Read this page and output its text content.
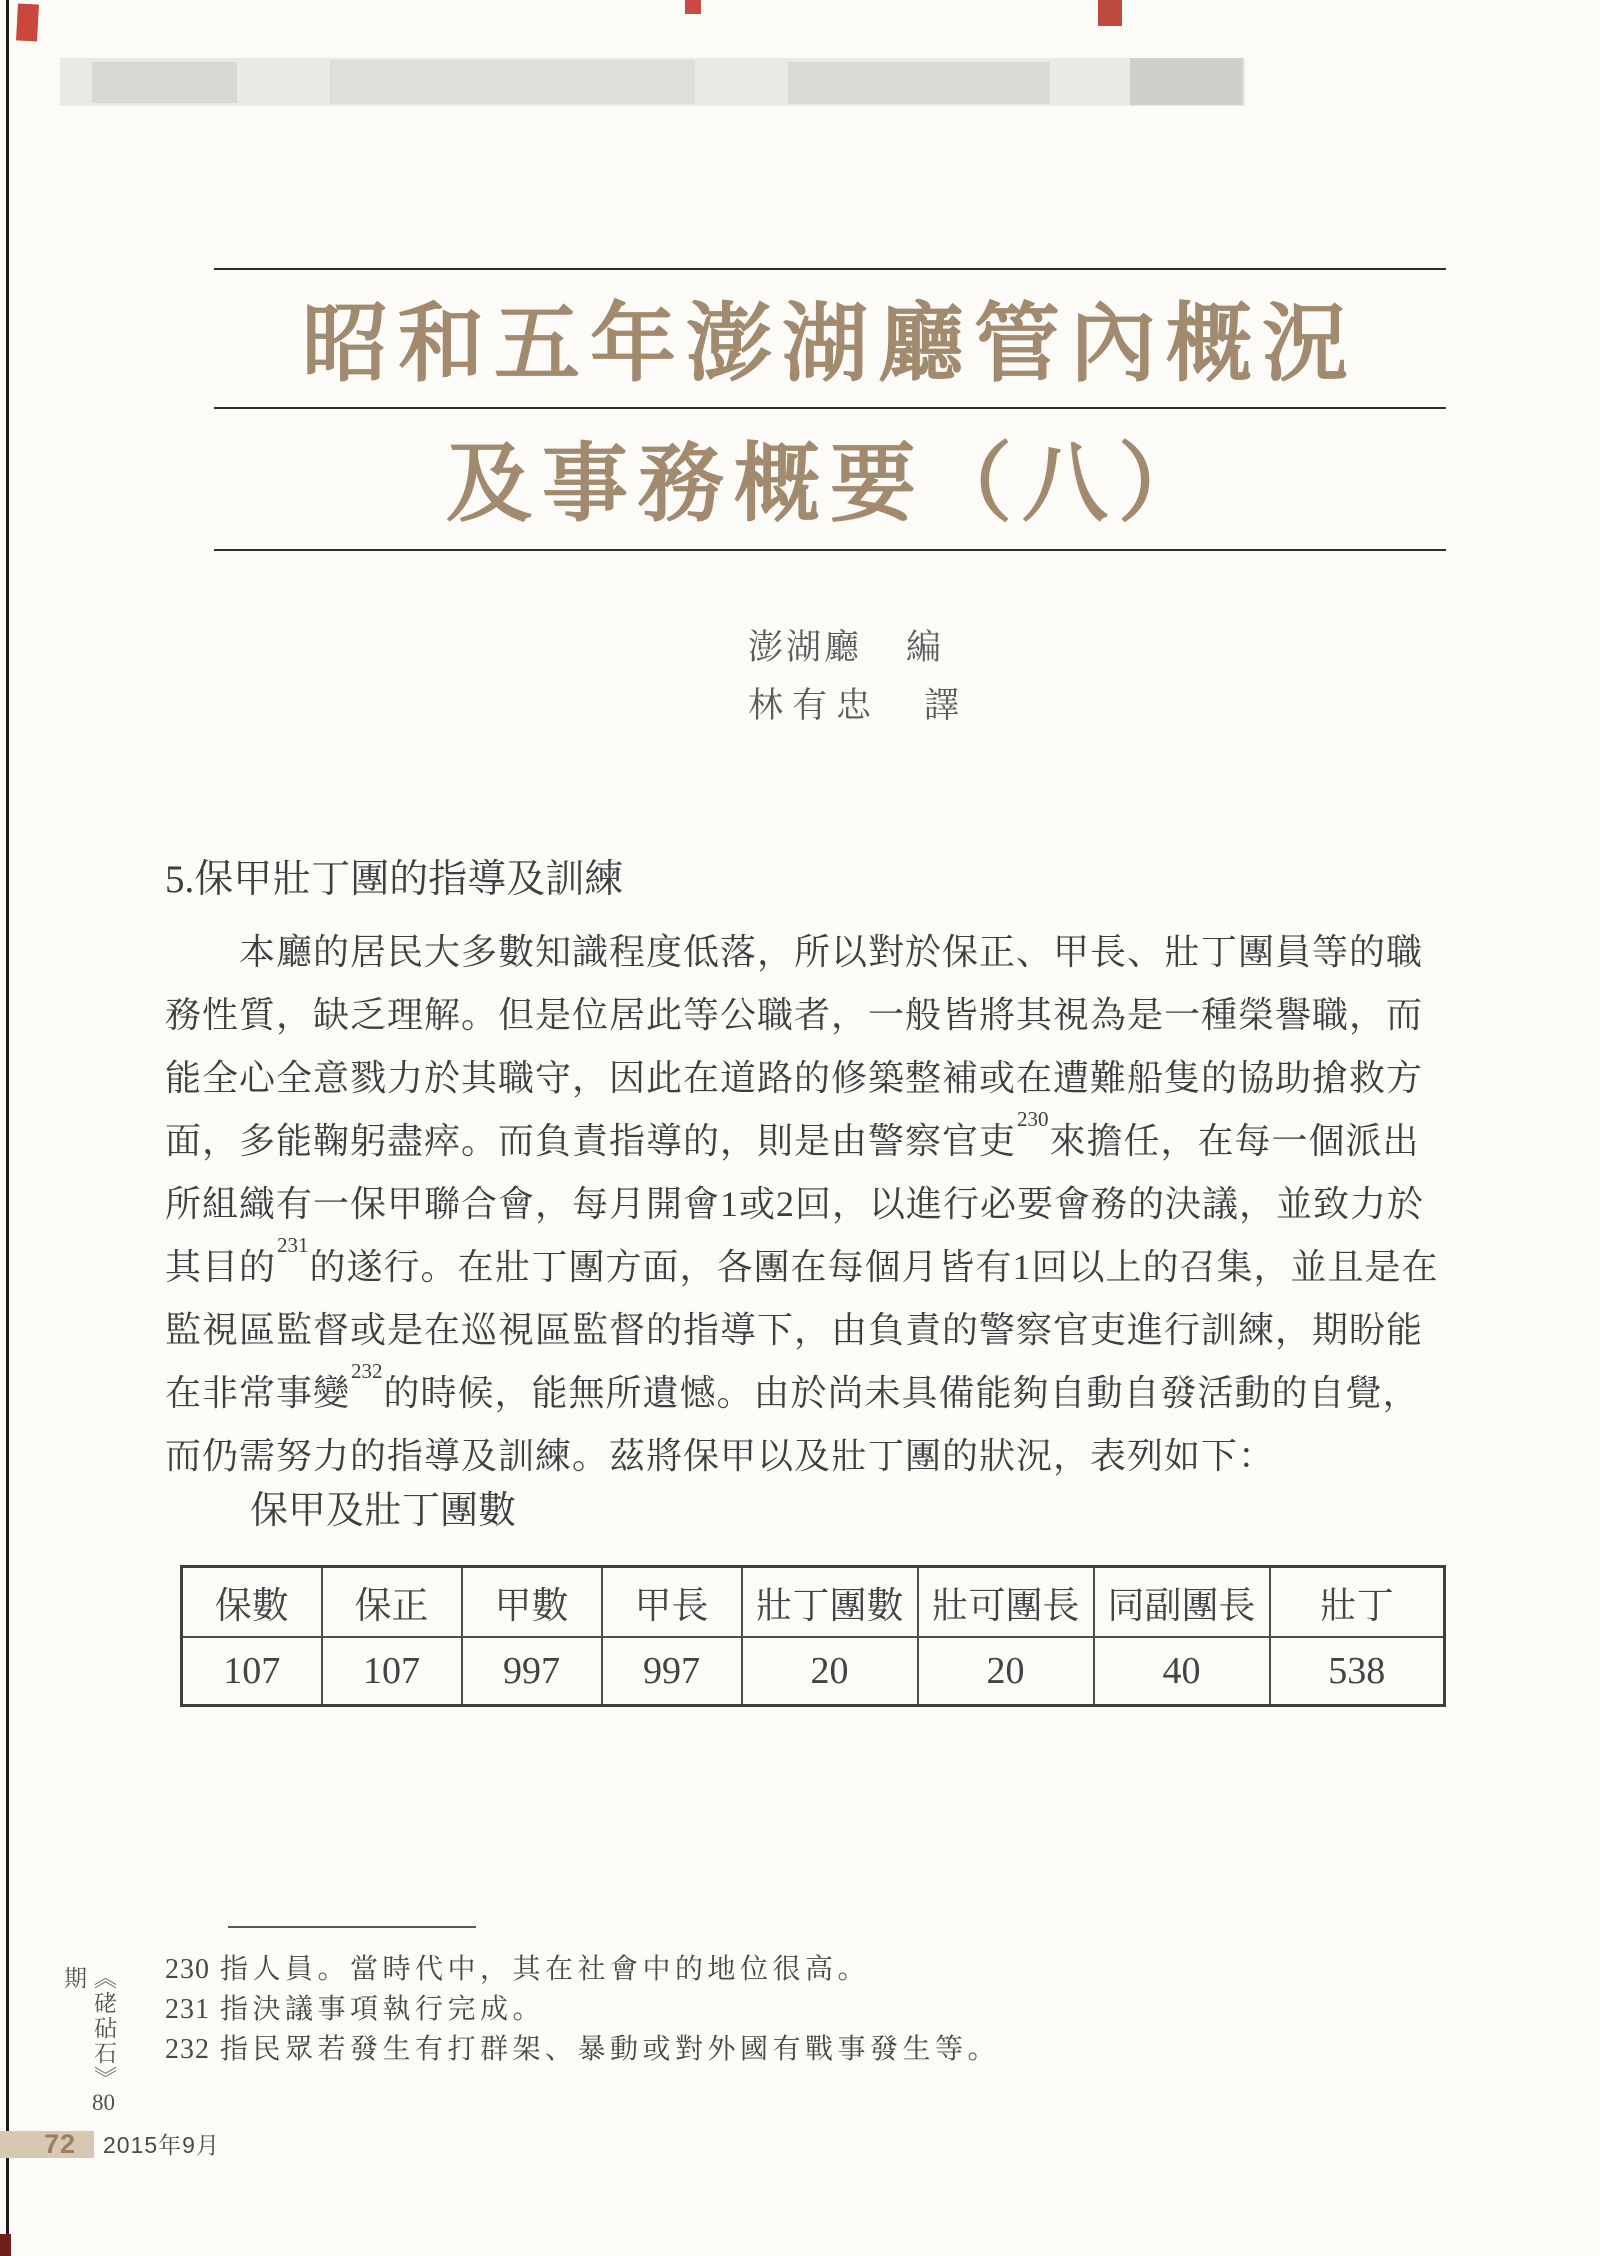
昭和五年澎湖廳管內概況
及事務概要（八）
澎湖廳 編
林有忠 譯
5.保甲壯丁團的指導及訓練
本廳的居民大多數知識程度低落，所以對於保正、甲長、壯丁團員等的職
務性質，缺乏理解。但是位居此等公職者，一般皆將其視為是一種榮譽職，而
能全心全意戮力於其職守，因此在道路的修築整補或在遭難船隻的協助搶救方
面，多能鞠躬盡瘁。而負責指導的，則是由警察官吏$^{230}$來擔任，在每一個派出
所組織有一保甲聯合會，每月開會1或2回，以進行必要會務的決議，並致力於
其目的$^{231}$的遂行。在壯丁團方面，各團在每個月皆有1回以上的召集，並且是在
監視區監督或是在巡視區監督的指導下，由負責的警察官吏進行訓練，期盼能
在非常事變$^{232}$的時候，能無所遺憾。由於尚未具備能夠自動自發活動的自覺，
而仍需努力的指導及訓練。茲將保甲以及壯丁團的狀況，表列如下：
保甲及壯丁團數
保數	保正	甲數	甲長	壯丁團數	壯可團長	同副團長	壯丁
107	107	997	997	20	20	40	538
230 指人員。當時代中，其在社會中的地位很高。
231 指決議事項執行完成。
232 指民眾若發生有打群架、暴動或對外國有戰事發生等。
《硓砧石》80期
72	2015年9月
